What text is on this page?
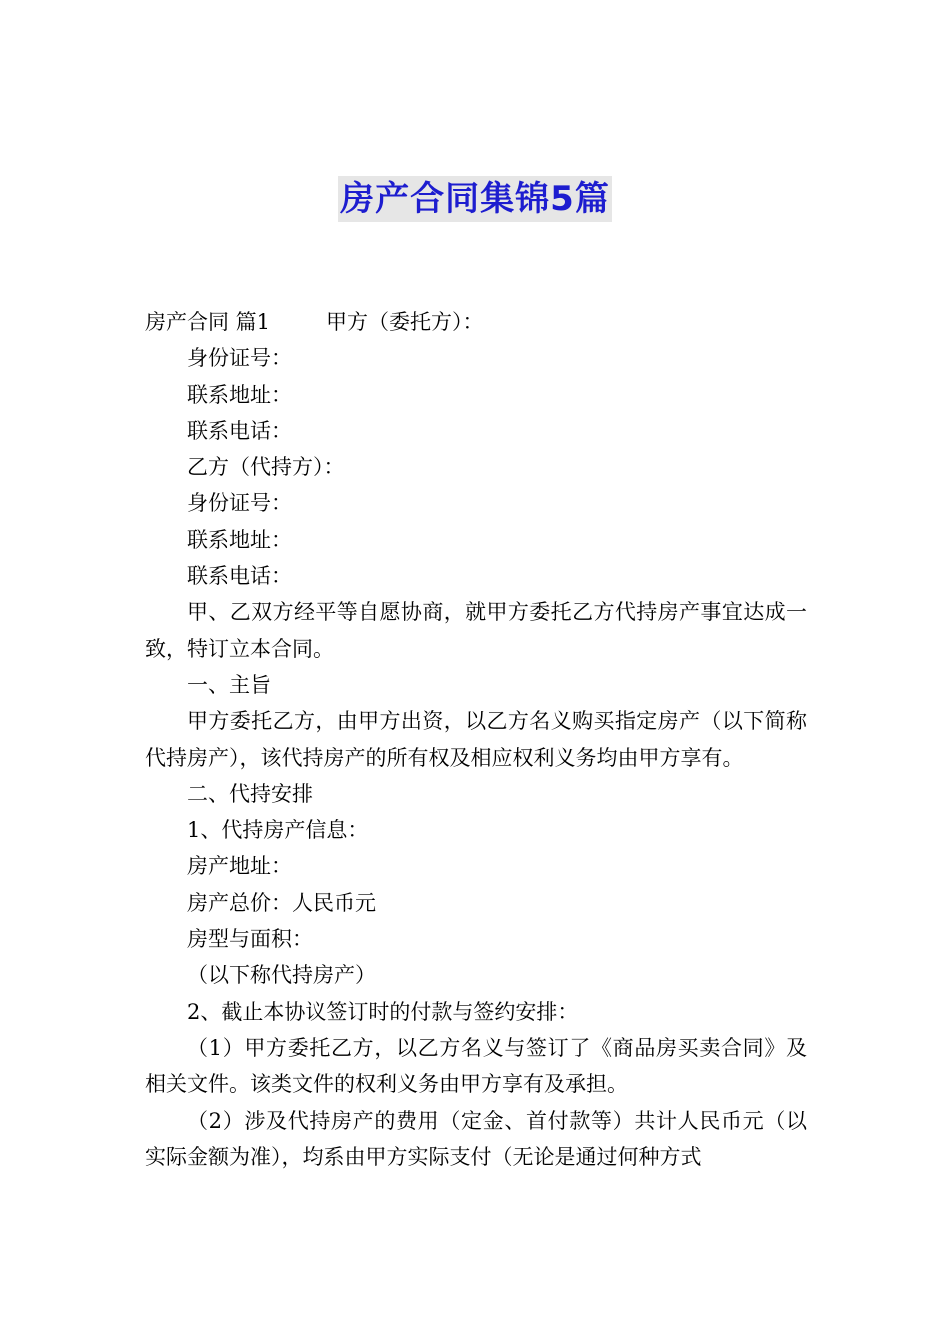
房产合同集锦5篇

房产合同 篇1	甲方（委托方）：

身份证号：

联系地址：

联系电话：

乙方（代持方）：

身份证号：

联系地址：

联系电话：

甲、乙双方经平等自愿协商，就甲方委托乙方代持房产事宜达成一致，特订立本合同。

一、主旨

甲方委托乙方，由甲方出资，以乙方名义购买指定房产（以下简称代持房产），该代持房产的所有权及相应权利义务均由甲方享有。

二、代持安排

1、代持房产信息：

房产地址：

房产总价：人民币元

房型与面积：

（以下称代持房产）

2、截止本协议签订时的付款与签约安排：

（1）甲方委托乙方，以乙方名义与签订了《商品房买卖合同》及相关文件。该类文件的权利义务由甲方享有及承担。

（2）涉及代持房产的费用（定金、首付款等）共计人民币元（以实际金额为准），均系由甲方实际支付（无论是通过何种方式
